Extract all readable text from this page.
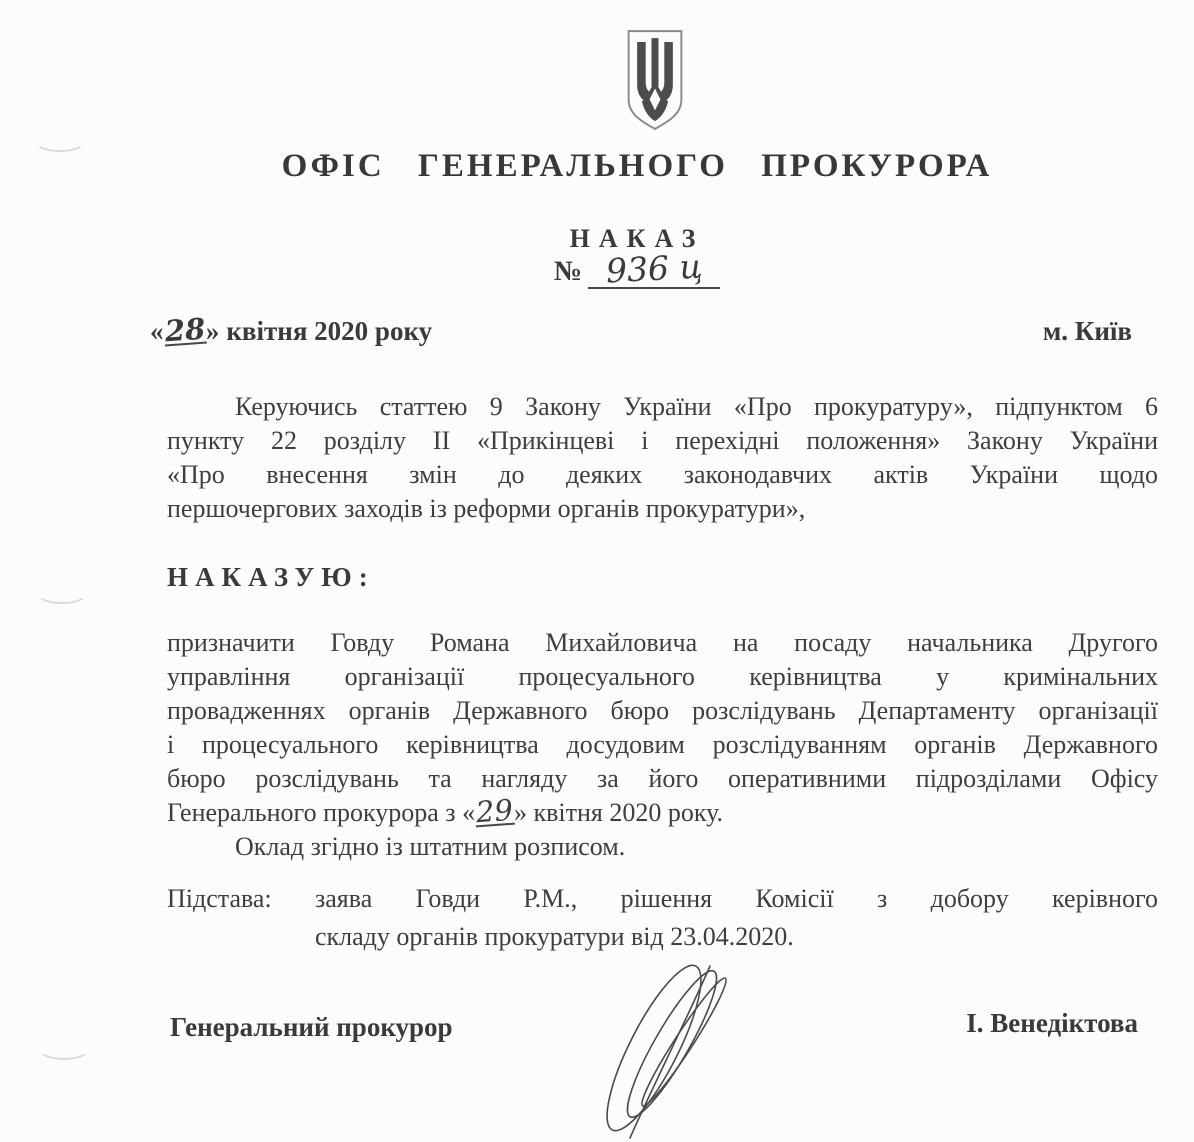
ОФІС ГЕНЕРАЛЬНОГО ПРОКУРОРА
НАКАЗ
№ 936 ц
«28» квітня 2020 року	м. Київ
Керуючись статтею 9 Закону України «Про прокуратуру», підпунктом 6
пункту 22 розділу ІІ «Прикінцеві і перехідні положення» Закону України
«Про внесення змін до деяких законодавчих актів України щодо
першочергових заходів із реформи органів прокуратури»,
НАКАЗУЮ:
призначити Говду Романа Михайловича на посаду начальника Другого
управління організації процесуального керівництва у кримінальних
провадженнях органів Державного бюро розслідувань Департаменту організації
і процесуального керівництва досудовим розслідуванням органів Державного
бюро розслідувань та нагляду за його оперативними підрозділами Офісу
Генерального прокурора з «29» квітня 2020 року.
Оклад згідно із штатним розписом.
Підстава:	заява Говди Р.М., рішення Комісії з добору керівного
складу органів прокуратури від 23.04.2020.
Генеральний прокурор	І. Венедіктова
